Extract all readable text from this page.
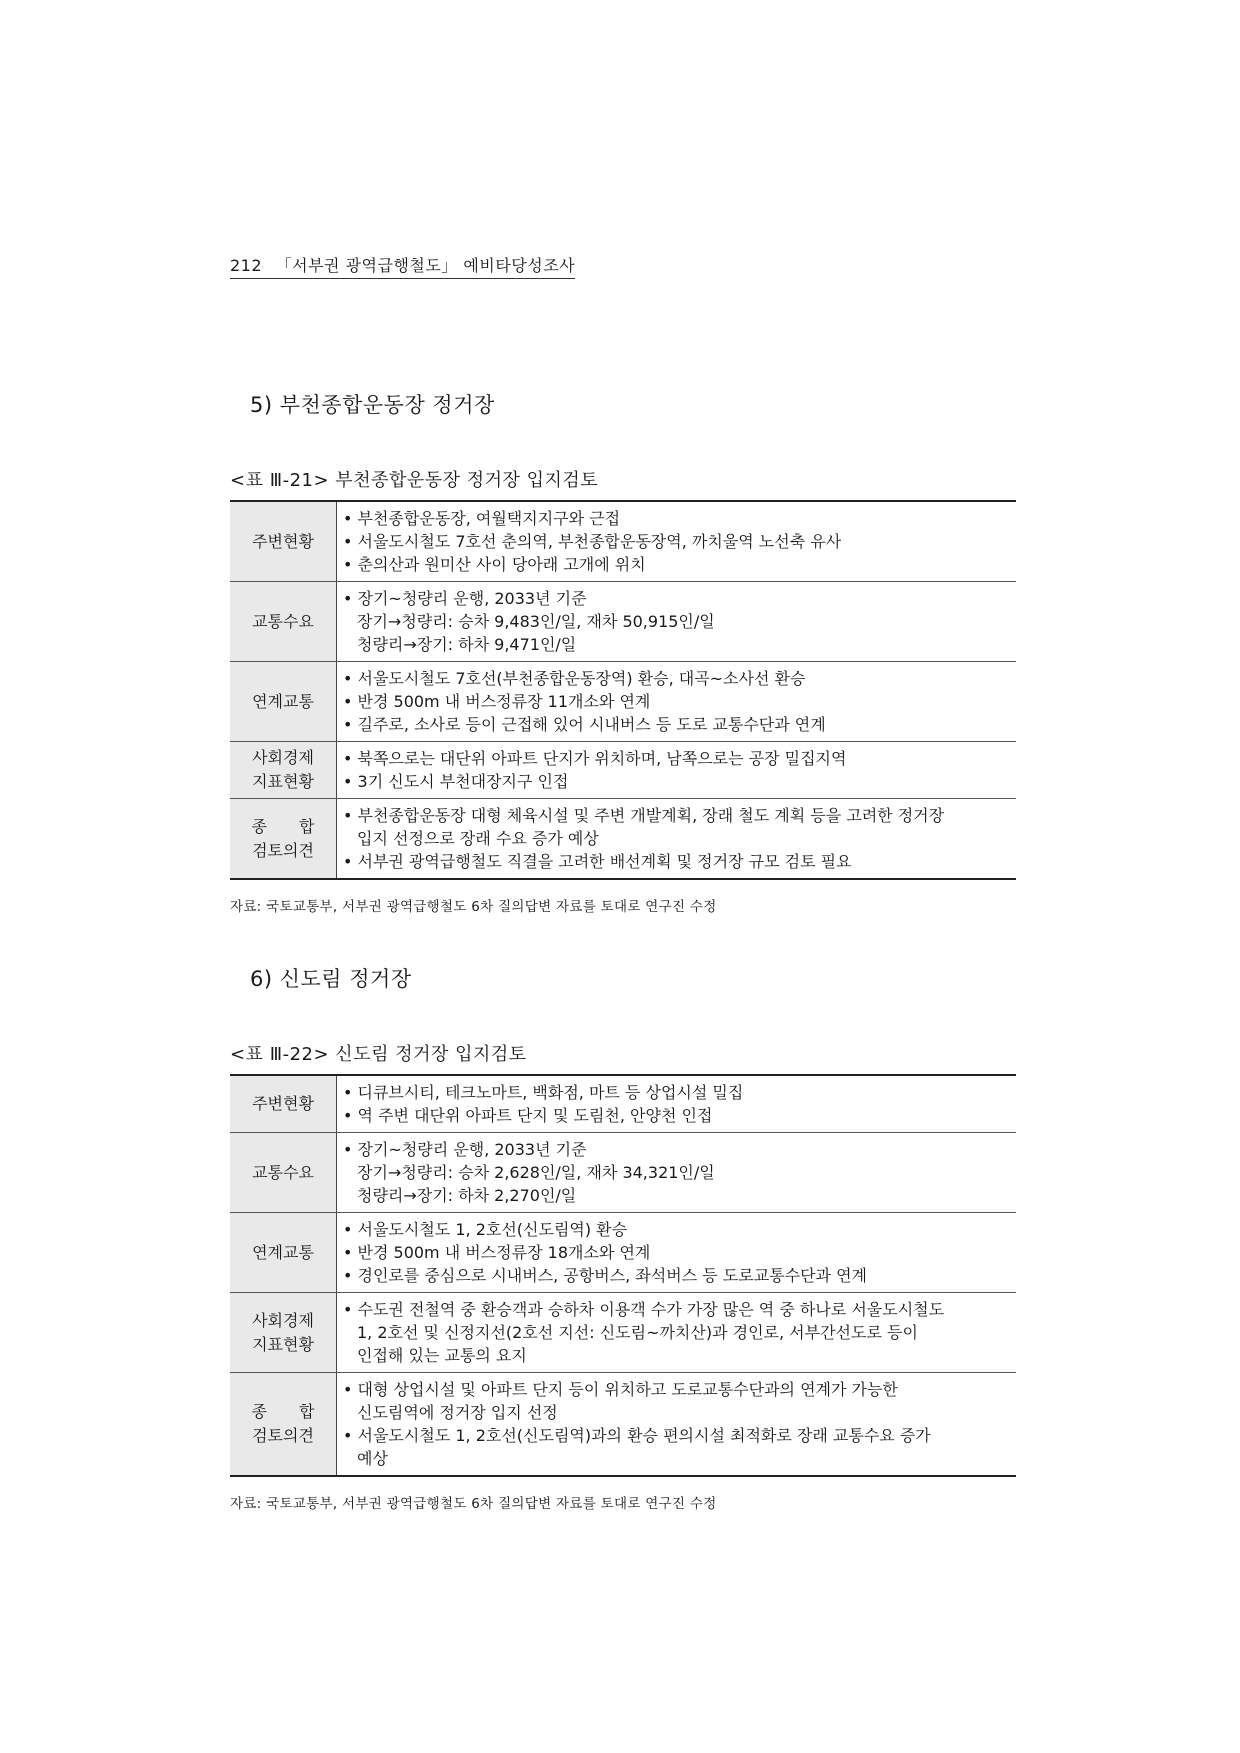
212 「서부권 광역급행철도」 예비타당성조사
5) 부천종합운동장 정거장
<표 Ⅲ-21> 부천종합운동장 정거장 입지검토
주변현황	• 부천종합운동장, 여월택지지구와 근접
• 서울도시철도 7호선 춘의역, 부천종합운동장역, 까치울역 노선축 유사
• 춘의산과 원미산 사이 당아래 고개에 위치

교통수요	• 장기~청량리 운행, 2033년 기준
장기→청량리: 승차 9,483인/일, 재차 50,915인/일
청량리→장기: 하차 9,471인/일

연계교통	• 서울도시철도 7호선(부천종합운동장역) 환승, 대곡~소사선 환승
• 반경 500m 내 버스정류장 11개소와 연계
• 길주로, 소사로 등이 근접해 있어 시내버스 등 도로 교통수단과 연계

사회경제
지표현황	• 북쪽으로는 대단위 아파트 단지가 위치하며, 남쪽으로는 공장 밀집지역
• 3기 신도시 부천대장지구 인접

종　　합
검토의견	• 부천종합운동장 대형 체육시설 및 주변 개발계획, 장래 철도 계획 등을 고려한 정거장
입지 선정으로 장래 수요 증가 예상
• 서부권 광역급행철도 직결을 고려한 배선계획 및 정거장 규모 검토 필요
자료: 국토교통부, 서부권 광역급행철도 6차 질의답변 자료를 토대로 연구진 수정
6) 신도림 정거장
<표 Ⅲ-22> 신도림 정거장 입지검토
주변현황	• 디큐브시티, 테크노마트, 백화점, 마트 등 상업시설 밀집
• 역 주변 대단위 아파트 단지 및 도림천, 안양천 인접

교통수요	• 장기~청량리 운행, 2033년 기준
장기→청량리: 승차 2,628인/일, 재차 34,321인/일
청량리→장기: 하차 2,270인/일

연계교통	• 서울도시철도 1, 2호선(신도림역) 환승
• 반경 500m 내 버스정류장 18개소와 연계
• 경인로를 중심으로 시내버스, 공항버스, 좌석버스 등 도로교통수단과 연계

사회경제
지표현황	• 수도권 전철역 중 환승객과 승하차 이용객 수가 가장 많은 역 중 하나로 서울도시철도
1, 2호선 및 신정지선(2호선 지선: 신도림~까치산)과 경인로, 서부간선도로 등이
인접해 있는 교통의 요지

종　　합
검토의견	• 대형 상업시설 및 아파트 단지 등이 위치하고 도로교통수단과의 연계가 가능한
신도림역에 정거장 입지 선정
• 서울도시철도 1, 2호선(신도림역)과의 환승 편의시설 최적화로 장래 교통수요 증가
예상
자료: 국토교통부, 서부권 광역급행철도 6차 질의답변 자료를 토대로 연구진 수정
